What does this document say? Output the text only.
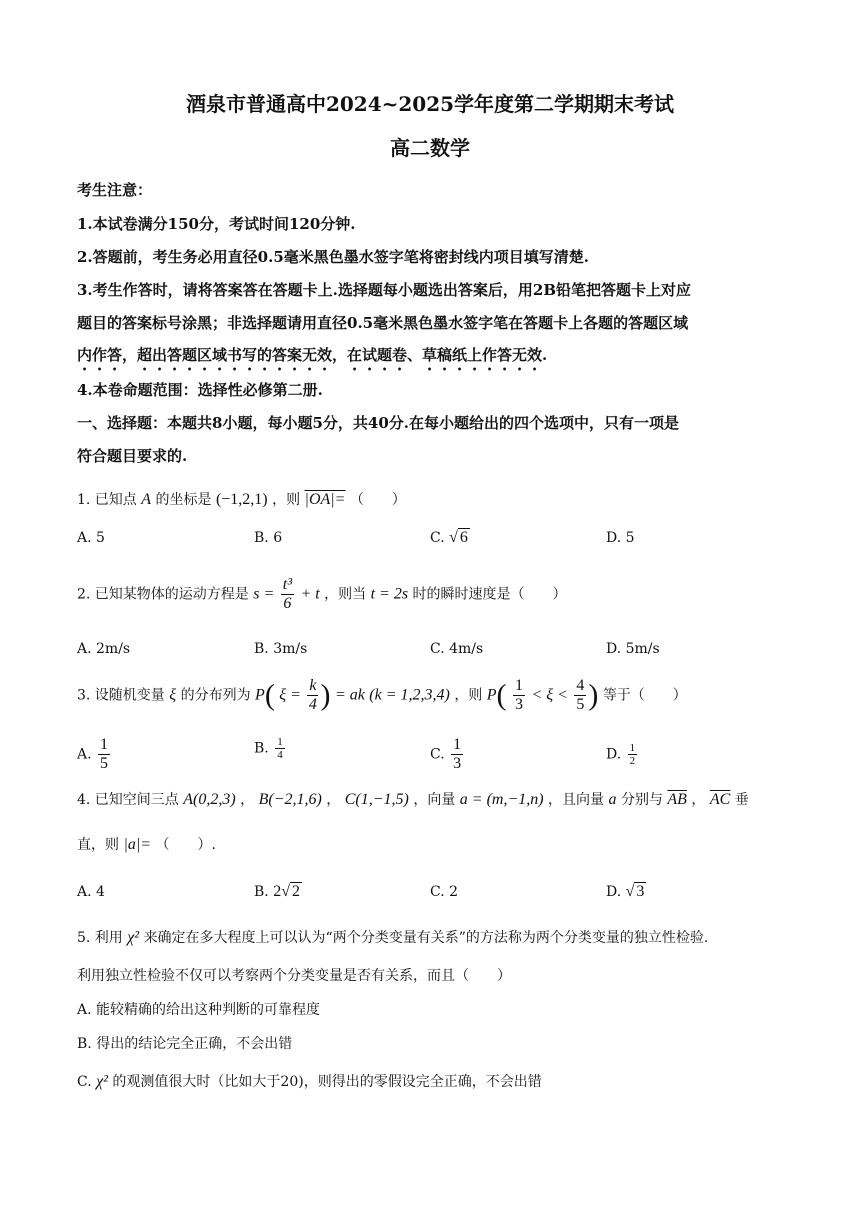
酒泉市普通高中2024~2025学年度第二学期期末考试
高二数学
考生注意：
1.本试卷满分150分，考试时间120分钟.
2.答题前，考生务必用直径0.5毫米黑色墨水签字笔将密封线内项目填写清楚.
3.考生作答时，请将答案答在答题卡上.选择题每小题选出答案后，用2B铅笔把答题卡上对应
题目的答案标号涂黑；非选择题请用直径0.5毫米黑色墨水签字笔在答题卡上各题的答题区域
内作答，超出答题区域书写的答案无效，在试题卷、草稿纸上作答无效.
4.本卷命题范围：选择性必修第二册.
一、选择题：本题共8小题，每小题5分，共40分.在每小题给出的四个选项中，只有一项是
符合题目要求的.
1. 已知点 A 的坐标是 (−1,2,1) ，则 |OA|= （　　）
A. 5	B. 6	C. √ 6	D. 5
2. 已知某物体的运动方程是 $s = \frac{\text{t³}}{6} + t$ ，则当 t = 2s 时的瞬时速度是（　　）
A. 2m/s	B. 3m/s	C. 4m/s	D. 5m/s
3. 设随机变量 ξ 的分布列为 P( $\xi = \frac{k}{4}$ ) = ak (k = 1,2,3,4) ，则 $P( \frac{1}{3} < \xi < \frac{4}{5}$ ) 等于（　　）
A. $\frac{1}{5}$	B. $\frac{1}{4}$	C. $\frac{1}{3}$	D. $\frac{1}{2}$
4. 已知空间三点 A(0,2,3) ， B(−2,1,6) ， C(1,−1,5) ，向量 a = (m,−1,n) ，且向量 a 分别与 $\overline{AB}$ ， $\overline{AC}$ 垂
直，则 |a|= （　　）.
A. 4	B. 2√ 2	C. 2	D. √ 3
5. 利用 χ² 来确定在多大程度上可以认为“两个分类变量有关系”的方法称为两个分类变量的独立性检验.
利用独立性检验不仅可以考察两个分类变量是否有关系，而且（　　）
A. 能较精确的给出这种判断的可靠程度
B. 得出的结论完全正确，不会出错
C. χ² 的观测值很大时（比如大于20)，则得出的零假设完全正确，不会出错
